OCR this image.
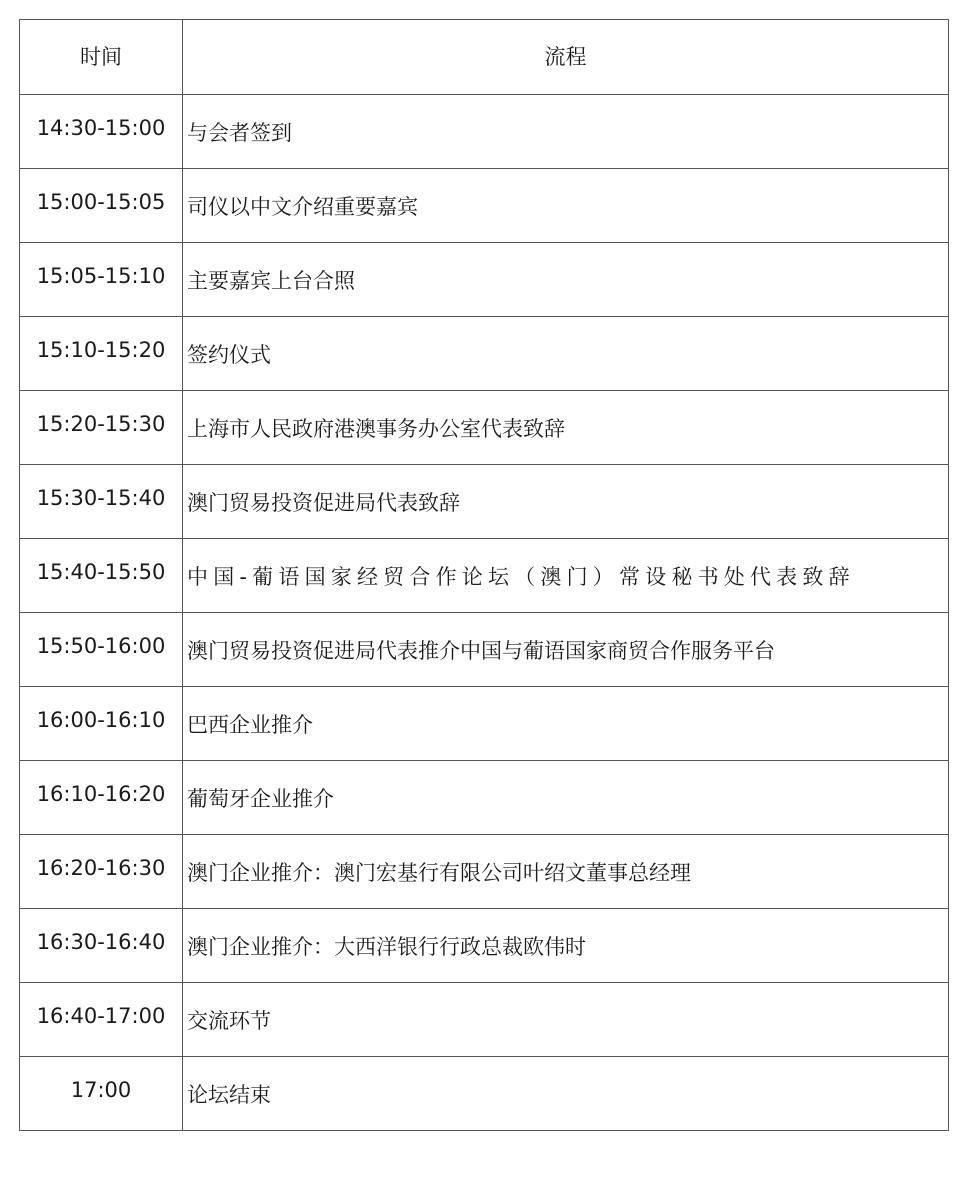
时间	流程
14:30-15:00	与会者签到
15:00-15:05	司仪以中文介绍重要嘉宾
15:05-15:10	主要嘉宾上台合照
15:10-15:20	签约仪式
15:20-15:30	上海市人民政府港澳事务办公室代表致辞
15:30-15:40	澳门贸易投资促进局代表致辞
15:40-15:50	中国-葡语国家经贸合作论坛（澳门）常设秘书处代表致辞
15:50-16:00	澳门贸易投资促进局代表推介中国与葡语国家商贸合作服务平台
16:00-16:10	巴西企业推介
16:10-16:20	葡萄牙企业推介
16:20-16:30	澳门企业推介：澳门宏基行有限公司叶绍文董事总经理
16:30-16:40	澳门企业推介：大西洋银行行政总裁欧伟时
16:40-17:00	交流环节
17:00	论坛结束
